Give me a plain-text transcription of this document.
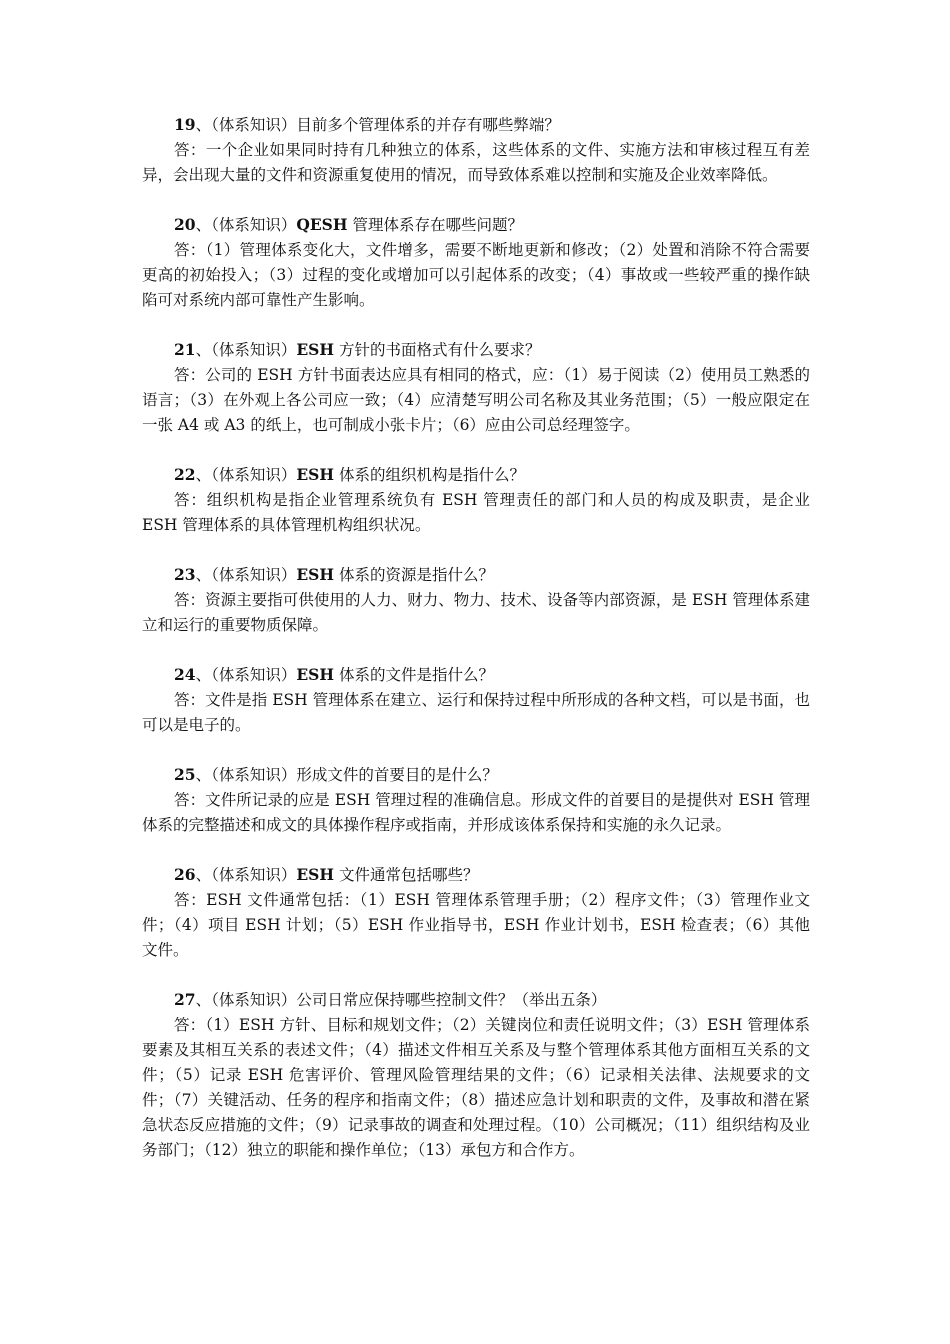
19、（体系知识）目前多个管理体系的并存有哪些弊端？

答：一个企业如果同时持有几种独立的体系，这些体系的文件、实施方法和审核过程互有差异，会出现大量的文件和资源重复使用的情况，而导致体系难以控制和实施及企业效率降低。

20、（体系知识）QESH 管理体系存在哪些问题？

答：（1）管理体系变化大，文件增多，需要不断地更新和修改；（2）处置和消除不符合需要更高的初始投入；（3）过程的变化或增加可以引起体系的改变；（4）事故或一些较严重的操作缺陷可对系统内部可靠性产生影响。

21、（体系知识）ESH 方针的书面格式有什么要求？

答：公司的 ESH 方针书面表达应具有相同的格式，应：（1）易于阅读（2）使用员工熟悉的语言；（3）在外观上各公司应一致；（4）应清楚写明公司名称及其业务范围；（5）一般应限定在一张 A4 或 A3 的纸上，也可制成小张卡片；（6）应由公司总经理签字。

22、（体系知识）ESH 体系的组织机构是指什么？

答：组织机构是指企业管理系统负有 ESH 管理责任的部门和人员的构成及职责，是企业 ESH 管理体系的具体管理机构组织状况。

23、（体系知识）ESH 体系的资源是指什么？

答：资源主要指可供使用的人力、财力、物力、技术、设备等内部资源，是 ESH 管理体系建立和运行的重要物质保障。

24、（体系知识）ESH 体系的文件是指什么？

答：文件是指 ESH 管理体系在建立、运行和保持过程中所形成的各种文档，可以是书面，也可以是电子的。

25、（体系知识）形成文件的首要目的是什么？

答：文件所记录的应是 ESH 管理过程的准确信息。形成文件的首要目的是提供对 ESH 管理体系的完整描述和成文的具体操作程序或指南，并形成该体系保持和实施的永久记录。

26、（体系知识）ESH 文件通常包括哪些？

答：ESH 文件通常包括：（1）ESH 管理体系管理手册；（2）程序文件；（3）管理作业文件；（4）项目 ESH 计划；（5）ESH 作业指导书，ESH 作业计划书，ESH 检查表；（6）其他文件。

27、（体系知识）公司日常应保持哪些控制文件？（举出五条）

答：（1）ESH 方针、目标和规划文件；（2）关键岗位和责任说明文件；（3）ESH 管理体系要素及其相互关系的表述文件；（4）描述文件相互关系及与整个管理体系其他方面相互关系的文件；（5）记录 ESH 危害评价、管理风险管理结果的文件；（6）记录相关法律、法规要求的文件；（7）关键活动、任务的程序和指南文件；（8）描述应急计划和职责的文件，及事故和潜在紧急状态反应措施的文件；（9）记录事故的调查和处理过程。（10）公司概况；（11）组织结构及业务部门；（12）独立的职能和操作单位；（13）承包方和合作方。
